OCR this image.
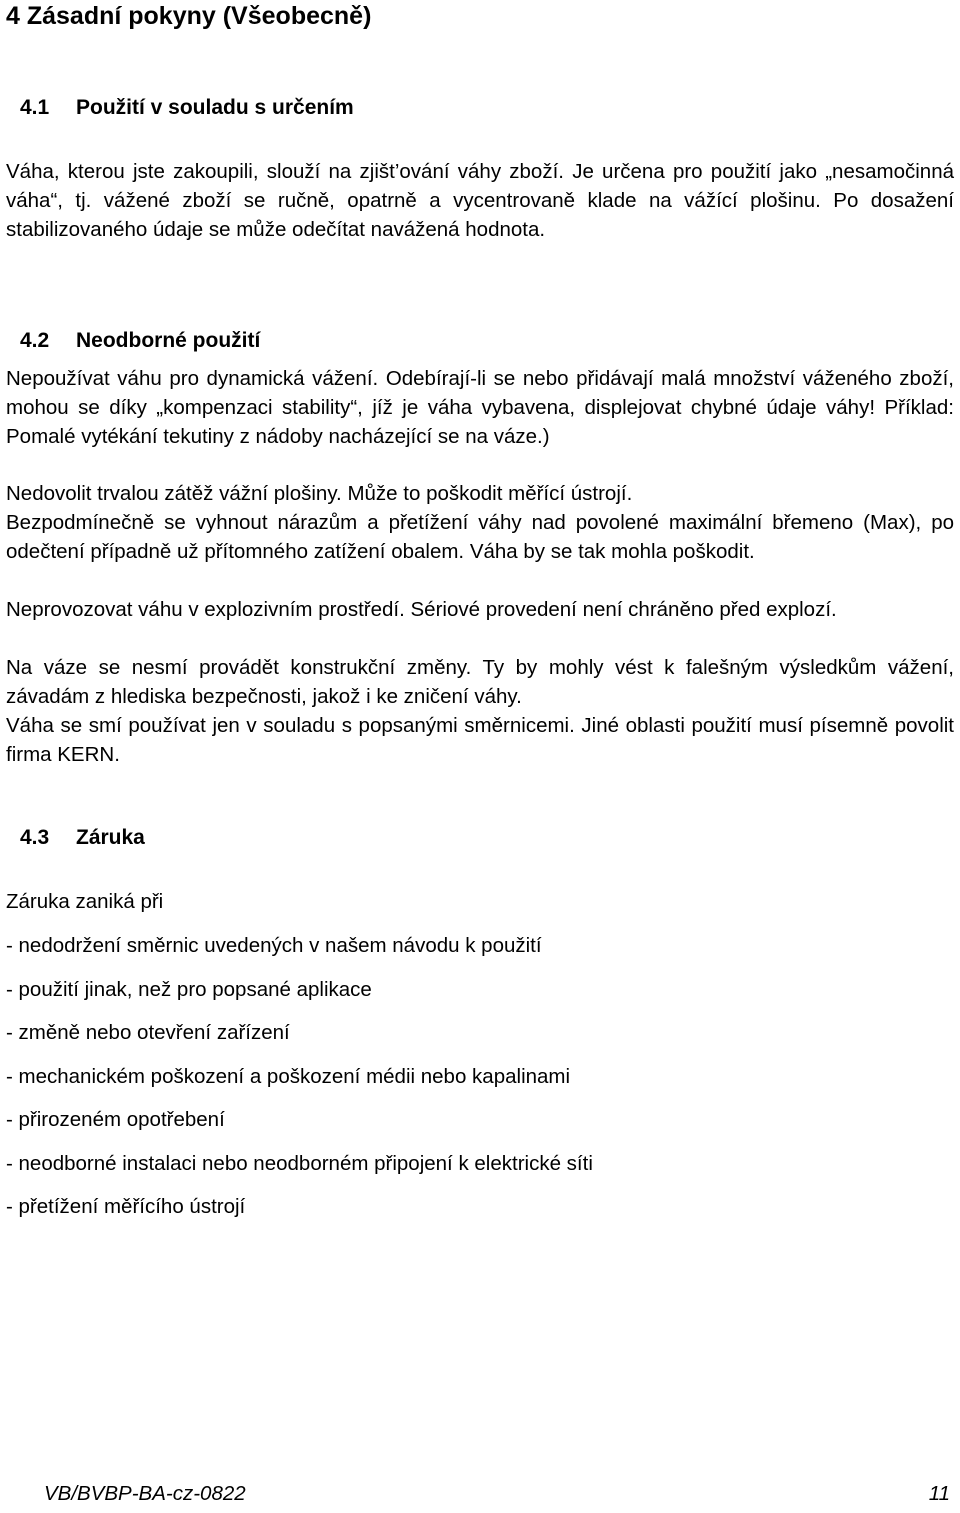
4 Zásadní pokyny (Všeobecně)
4.1 Použití v souladu s určením

Váha, kterou jste zakoupili, slouží na zjišt’ování váhy zboží. Je určena pro použití jako „nesamočinná váha“, tj. vážené zboží se ručně, opatrně a vycentrovaně klade na vážící plošinu. Po dosažení stabilizovaného údaje se může odečítat navážená hodnota.

4.2 Neodborné použití

Nepoužívat váhu pro dynamická vážení. Odebírají-li se nebo přidávají malá množství váženého zboží, mohou se díky „kompenzaci stability“, jíž je váha vybavena, displejovat chybné údaje váhy! Příklad: Pomalé vytékání tekutiny z nádoby nacházející se na váze.)

Nedovolit trvalou zátěž vážní plošiny. Může to poškodit měřící ústrojí.

Bezpodmínečně se vyhnout nárazům a přetížení váhy nad povolené maximální břemeno (Max), po odečtení případně už přítomného zatížení obalem. Váha by se tak mohla poškodit.

Neprovozovat váhu v explozivním prostředí. Sériové provedení není chráněno před explozí.

Na váze se nesmí provádět konstrukční změny. Ty by mohly vést k falešným výsledkům vážení, závadám z hlediska bezpečnosti, jakož i ke zničení váhy.

Váha se smí používat jen v souladu s popsanými směrnicemi. Jiné oblasti použití musí písemně povolit firma KERN.

4.3 Záruka

Záruka zaniká při

- nedodržení směrnic uvedených v našem návodu k použití

- použití jinak, než pro popsané aplikace

- změně nebo otevření zařízení

- mechanickém poškození a poškození médii nebo kapalinami

- přirozeném opotřebení

- neodborné instalaci nebo neodborném připojení k elektrické síti

- přetížení měřícího ústrojí

VB/BVBP-BA-cz-0822	11
